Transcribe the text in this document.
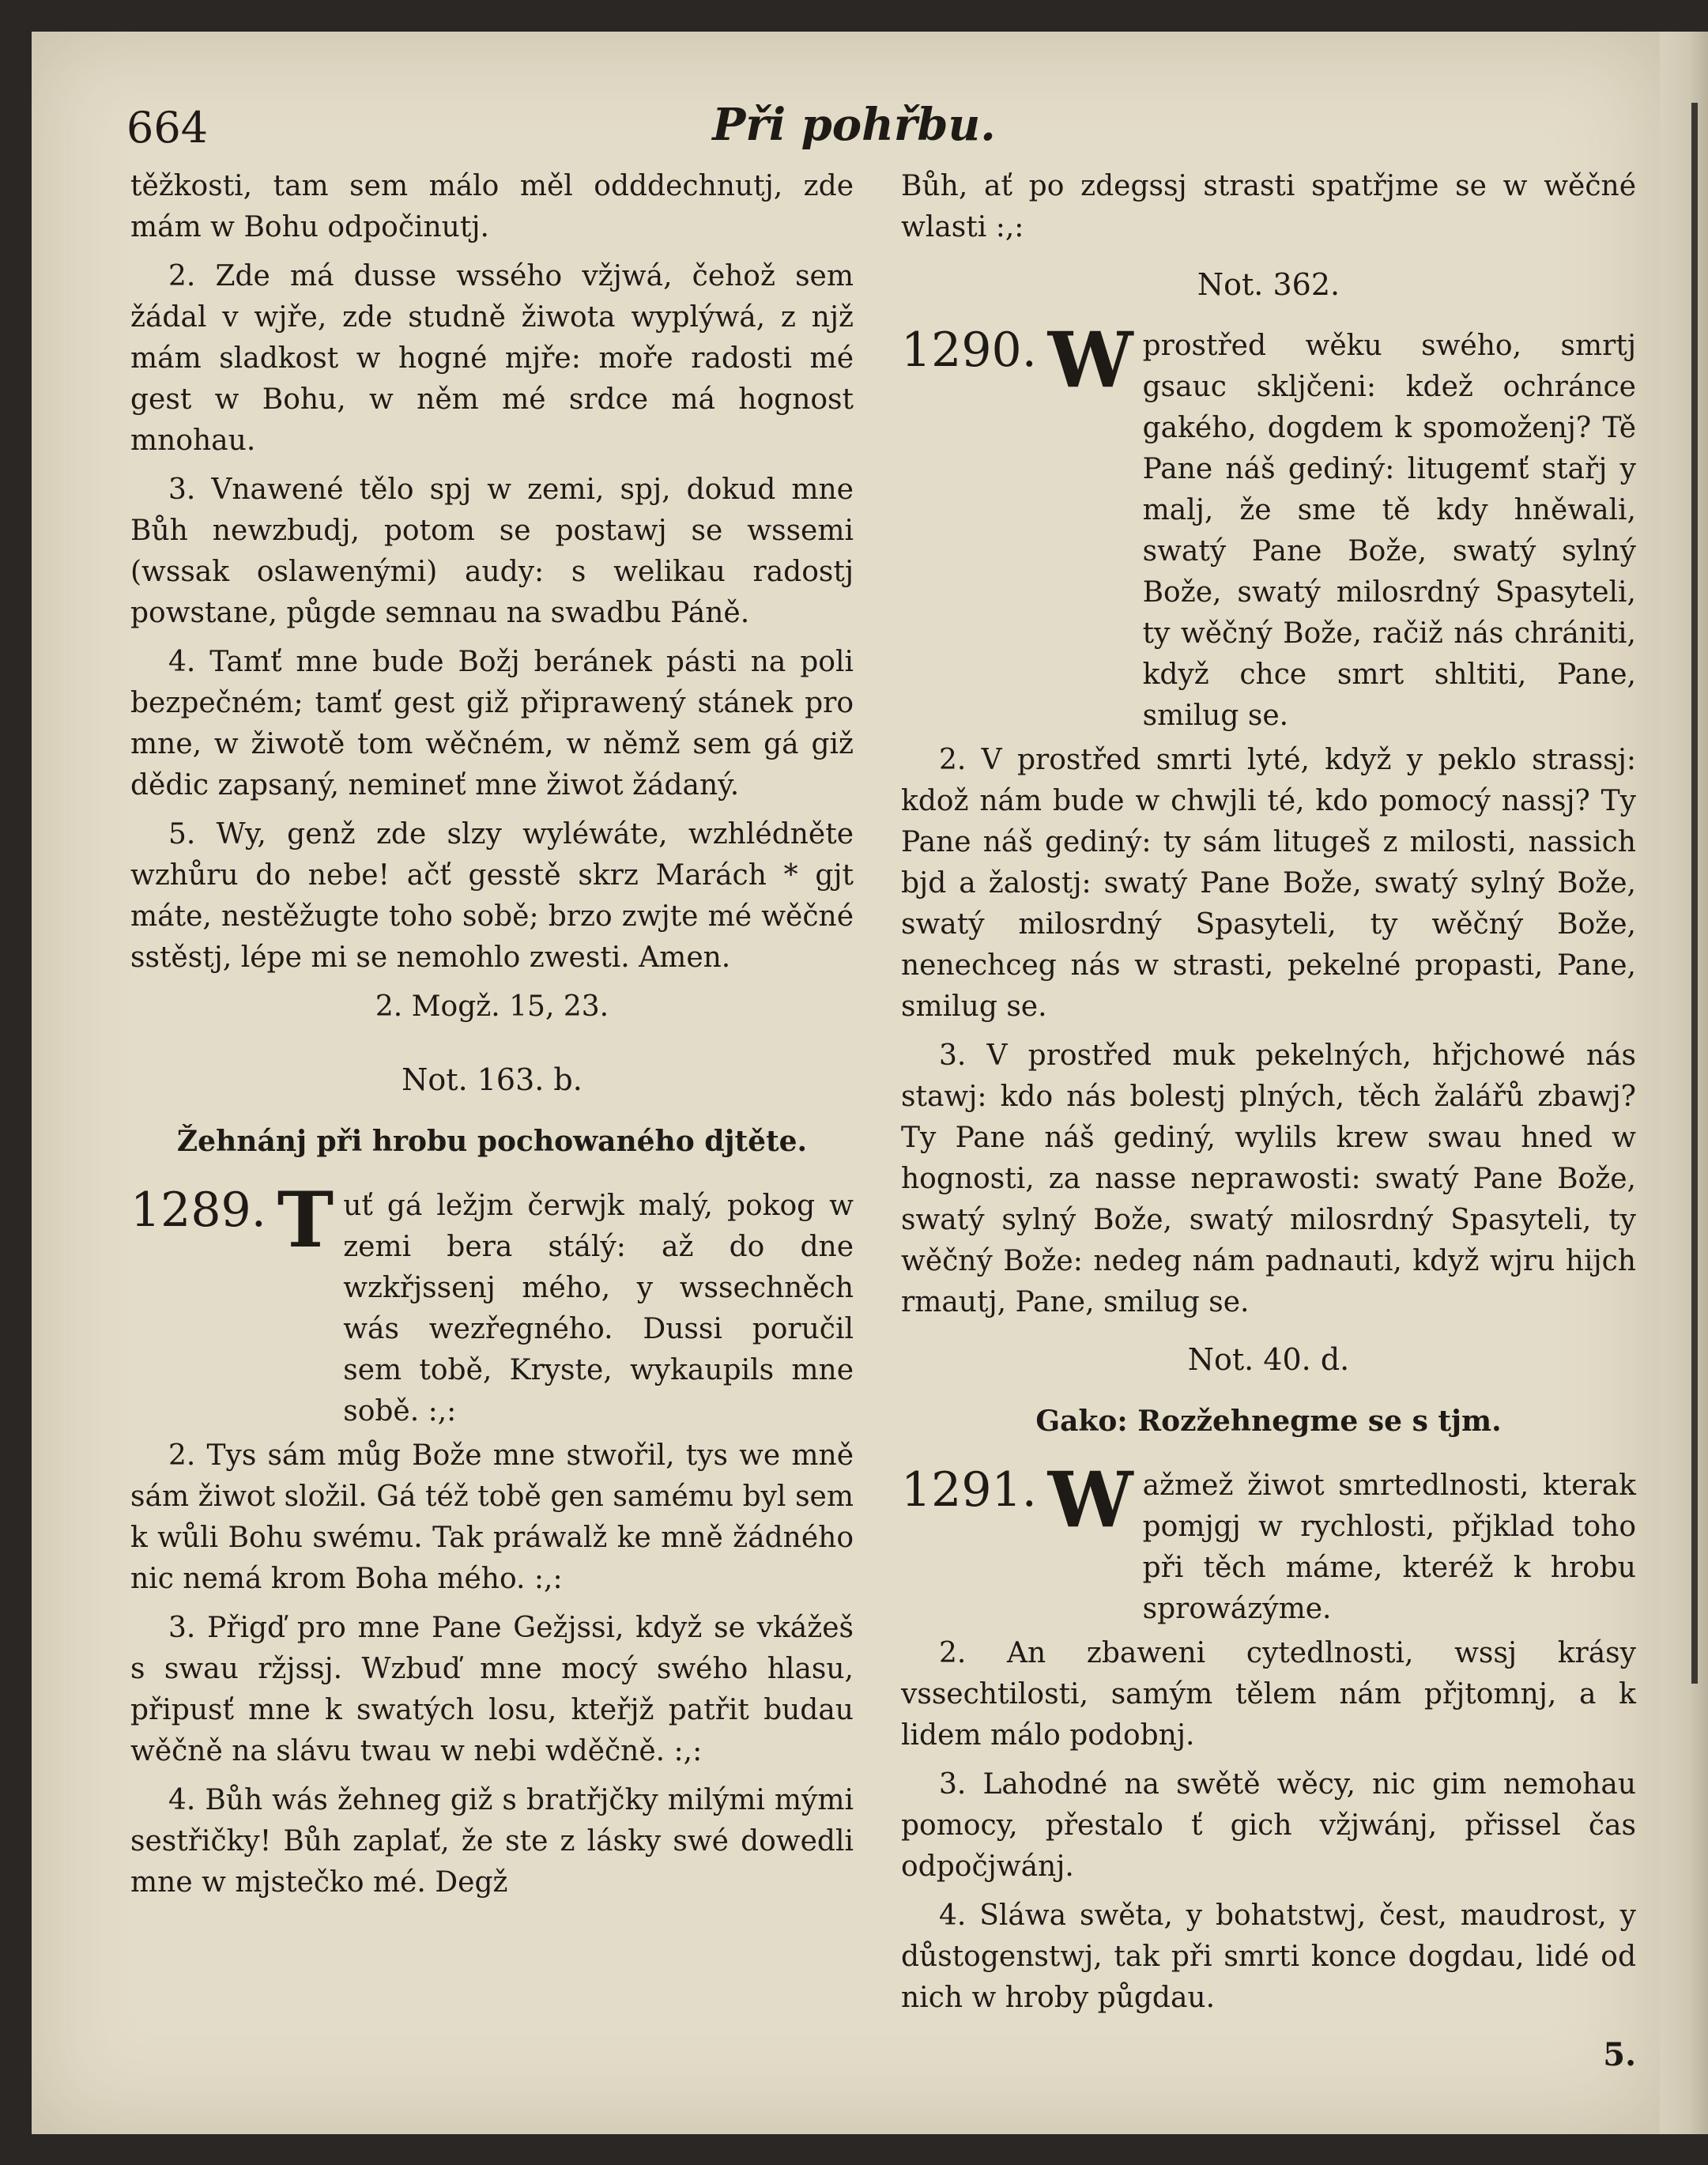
664	Při pohřbu.

těžkosti, tam sem málo měl odddechnutj, zde mám w Bohu odpočinutj.

2. Zde má dusse wssého vžjwá, čehož sem žádal v wjře, zde studně žiwota wyplýwá, z njž mám sladkost w hogné mjře: moře radosti mé gest w Bohu, w něm mé srdce má hognost mnohau.

3. Vnawené tělo spj w zemi, spj, dokud mne Bůh newzbudj, potom se postawj se wssemi (wssak oslawenými) audy: s welikau radostj powstane, půgde semnau na swadbu Páně.

4. Tamť mne bude Božj beránek pásti na poli bezpečném; tamť gest giž připrawený stánek pro mne, w žiwotě tom wěčném, w němž sem gá giž dědic zapsaný, nemineť mne žiwot žádaný.

5. Wy, genž zde slzy wyléwáte, wzhlédněte wzhůru do nebe! ačť gesstě skrz Marách * gjt máte, nestěžugte toho sobě; brzo zwjte mé wěčné sstěstj, lépe mi se nemohlo zwesti. Amen.

2. Mogž. 15, 23.
Not. 163. b.
Žehnánj při hrobu pochowaného djtěte.
1289. T uť gá ležjm čerwjk malý, pokog w zemi bera stálý: až do dne wzkřjssenj mého, y wssechněch wás wezřegného. Dussi poručil sem tobě, Kryste, wykaupils mne sobě. :,:

2. Tys sám můg Bože mne stwořil, tys we mně sám žiwot složil. Gá též tobě gen samému byl sem k wůli Bohu swému. Tak práwalž ke mně žádného nic nemá krom Boha mého. :,:

3. Přigď pro mne Pane Gežjssi, když se vkážeš s swau ržjssj. Wzbuď mne mocý swého hlasu, připusť mne k swatých losu, kteřjž patřit budau wěčně na slávu twau w nebi wděčně. :,:

4. Bůh wás žehneg giž s bratřjčky milými mými sestřičky! Bůh zaplať, že ste z lásky swé dowedli mne w mjstečko mé. Degž

Bůh, ať po zdegssj strasti spatřjme se w wěčné wlasti :,:

Not. 362.
1290. W prostřed wěku swého, smrtj gsauc skljčeni: kdež ochránce gakého, dogdem k spomoženj? Tě Pane náš gediný: litugemť stařj y malj, že sme tě kdy hněwali, swatý Pane Bože, swatý sylný Bože, swatý milosrdný Spasyteli, ty wěčný Bože, račiž nás chrániti, když chce smrt shltiti, Pane, smilug se.

2. V prostřed smrti lyté, když y peklo strassj: kdož nám bude w chwjli té, kdo pomocý nassj? Ty Pane náš gediný: ty sám litugeš z milosti, nassich bjd a žalostj: swatý Pane Bože, swatý sylný Bože, swatý milosrdný Spasyteli, ty wěčný Bože, nenechceg nás w strasti, pekelné propasti, Pane, smilug se.

3. V prostřed muk pekelných, hřjchowé nás stawj: kdo nás bolestj plných, těch žalářů zbawj? Ty Pane náš gediný, wylils krew swau hned w hognosti, za nasse neprawosti: swatý Pane Bože, swatý sylný Bože, swatý milosrdný Spasyteli, ty wěčný Bože: nedeg nám padnauti, když wjru hijch rmautj, Pane, smilug se.

Not. 40. d.
Gako: Rozžehnegme se s tjm.
1291. W ažmež žiwot smrtedlnosti, kterak pomjgj w rychlosti, přjklad toho při těch máme, kteréž k hrobu sprowázýme.

2. An zbaweni cytedlnosti, wssj krásy vssechtilosti, samým tělem nám přjtomnj, a k lidem málo podobnj.

3. Lahodné na swětě wěcy, nic gim nemohau pomocy, přestalo ť gich vžjwánj, přissel čas odpočjwánj.

4. Sláwa swěta, y bohatstwj, čest, maudrost, y důstogenstwj, tak při smrti konce dogdau, lidé od nich w hroby půgdau.

5.
